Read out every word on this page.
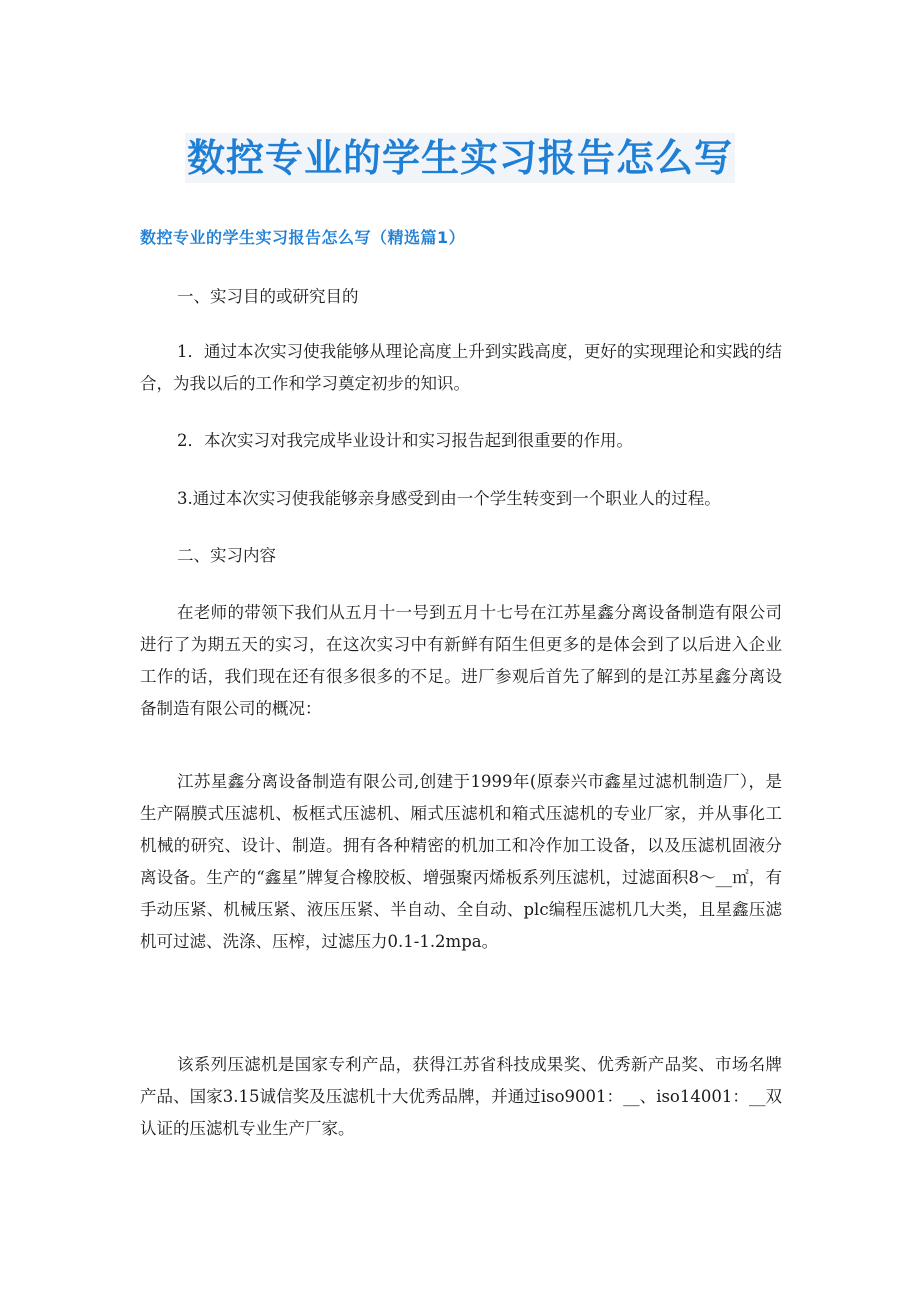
数控专业的学生实习报告怎么写
数控专业的学生实习报告怎么写（精选篇1）

一、实习目的或研究目的

1．通过本次实习使我能够从理论高度上升到实践高度，更好的实现理论和实践的结合，为我以后的工作和学习奠定初步的知识。

2．本次实习对我完成毕业设计和实习报告起到很重要的作用。

3.通过本次实习使我能够亲身感受到由一个学生转变到一个职业人的过程。

二、实习内容

在老师的带领下我们从五月十一号到五月十七号在江苏星鑫分离设备制造有限公司进行了为期五天的实习，在这次实习中有新鲜有陌生但更多的是体会到了以后进入企业工作的话，我们现在还有很多很多的不足。进厂参观后首先了解到的是江苏星鑫分离设备制造有限公司的概况：

江苏星鑫分离设备制造有限公司,创建于1999年(原泰兴市鑫星过滤机制造厂），是生产隔膜式压滤机、板框式压滤机、厢式压滤机和箱式压滤机的专业厂家，并从事化工机械的研究、设计、制造。拥有各种精密的机加工和冷作加工设备，以及压滤机固液分离设备。生产的“鑫星”牌复合橡胶板、增强聚丙烯板系列压滤机，过滤面积8～__㎡，有手动压紧、机械压紧、液压压紧、半自动、全自动、plc编程压滤机几大类，且星鑫压滤机可过滤、洗涤、压榨，过滤压力0.1-1.2mpa。

该系列压滤机是国家专利产品，获得江苏省科技成果奖、优秀新产品奖、市场名牌产品、国家3.15诚信奖及压滤机十大优秀品牌，并通过iso9001：__、iso14001：__双认证的压滤机专业生产厂家。
